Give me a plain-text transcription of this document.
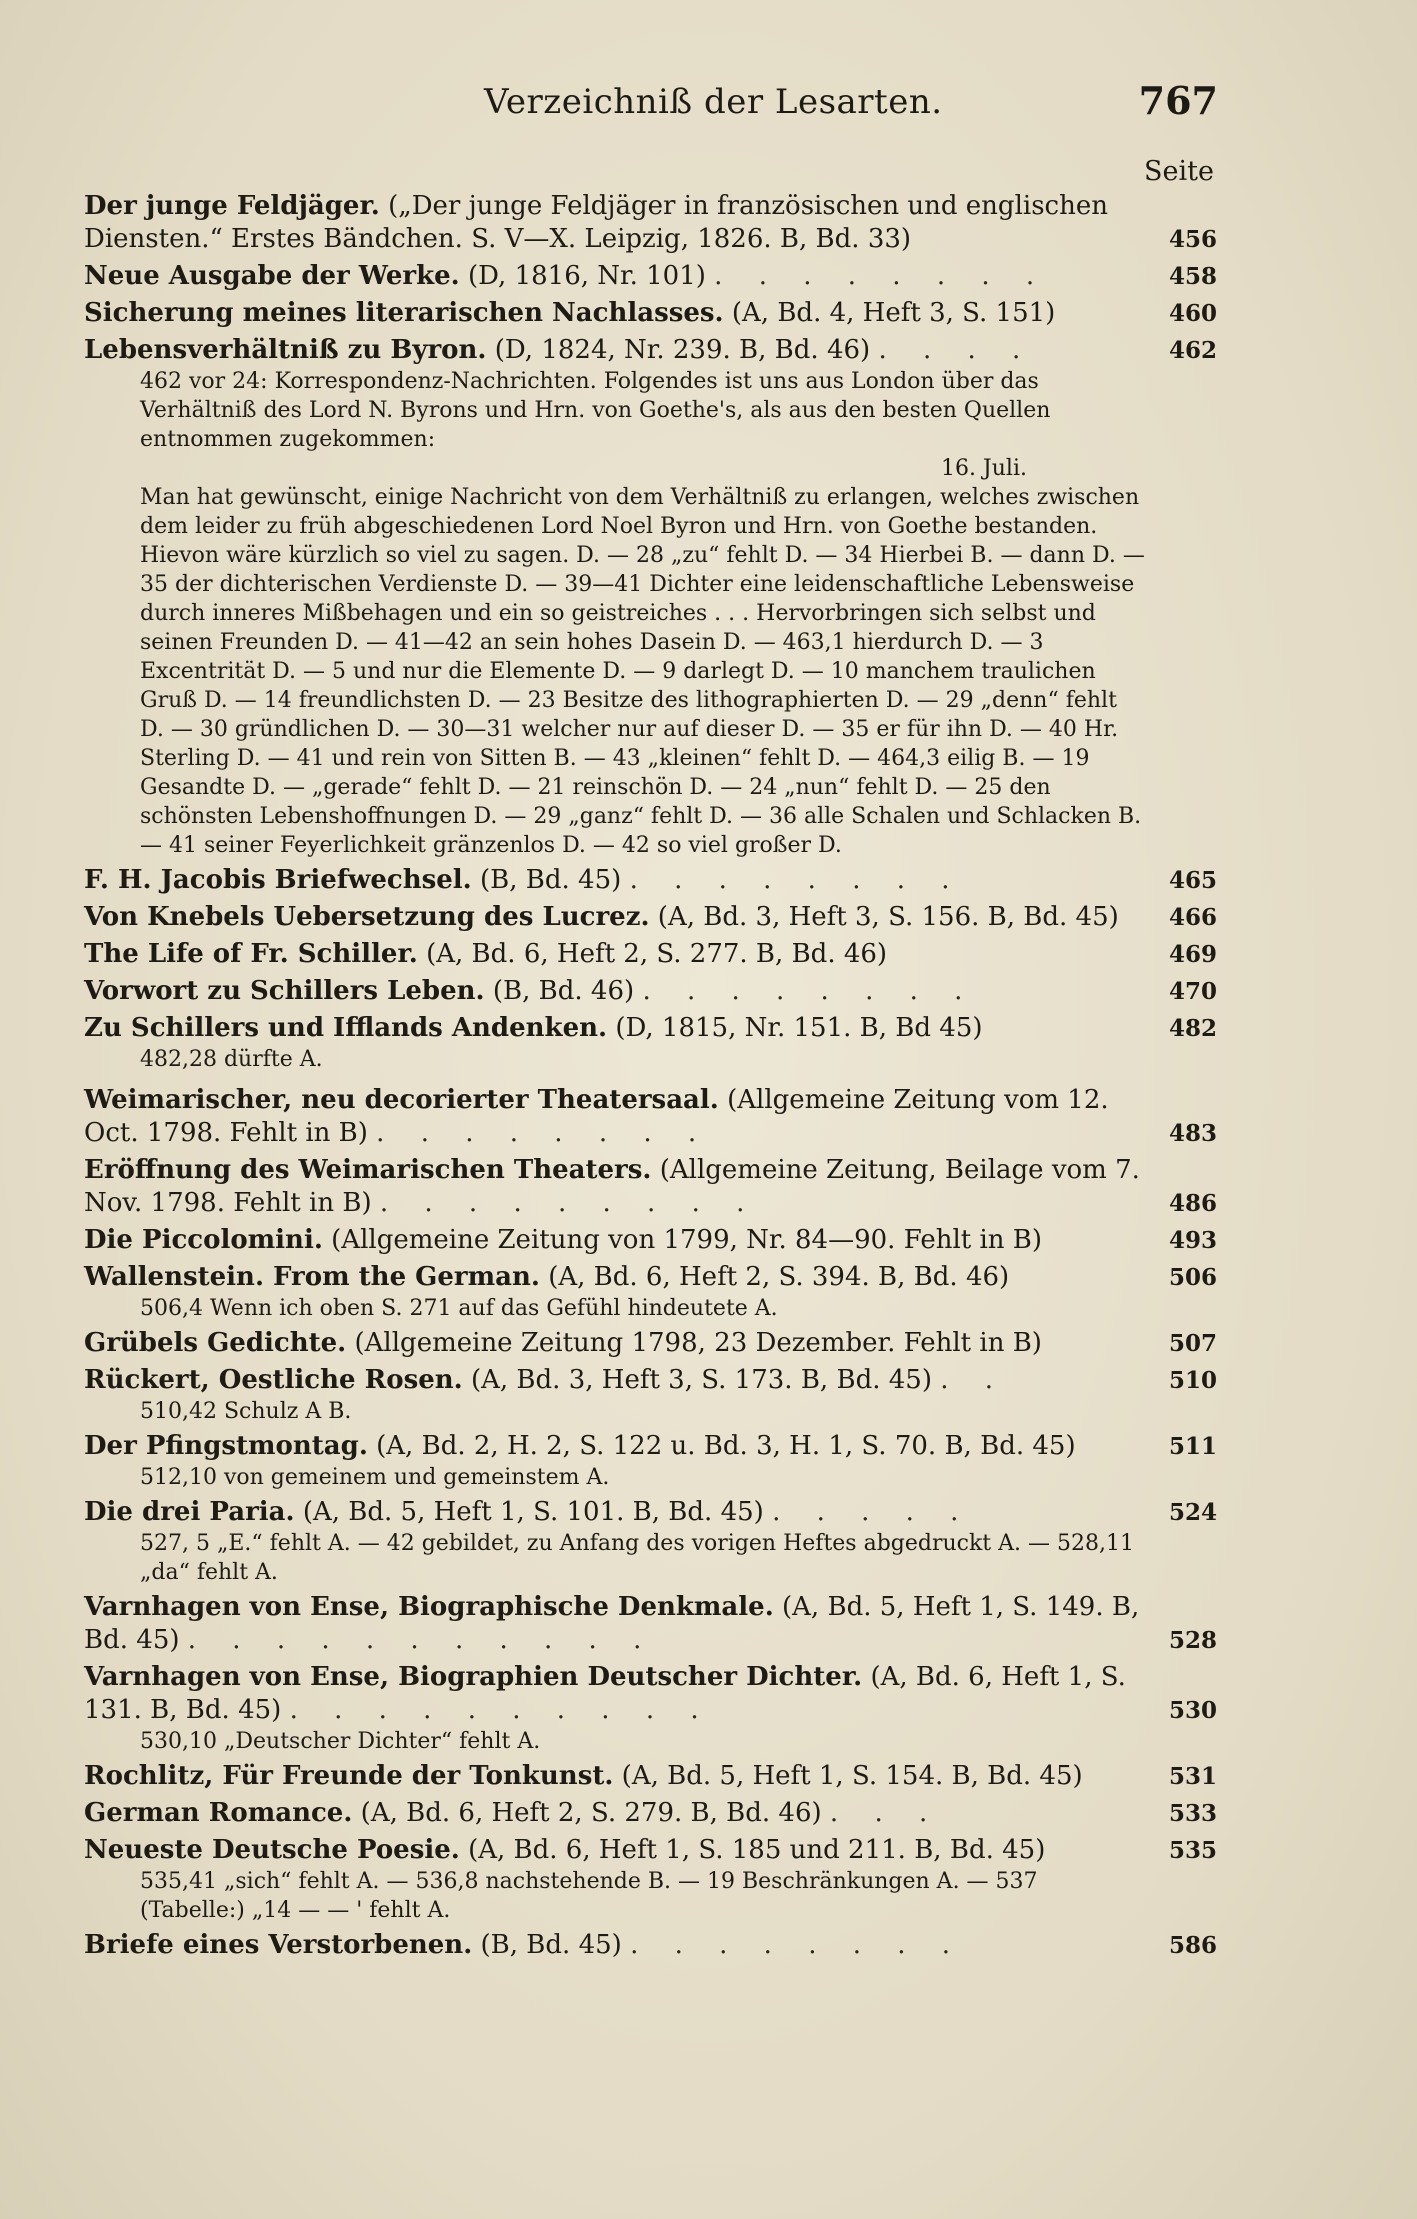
Verzeichniß der Lesarten.	767
Seite
Der junge Feldjäger. („Der junge Feldjäger in französischen und englischen Diensten.“ Erstes Bändchen. S. V—X. Leipzig, 1826. B, Bd. 33)	456
Neue Ausgabe der Werke. (D, 1816, Nr. 101) . . . . . . . .	458
Sicherung meines literarischen Nachlasses. (A, Bd. 4, Heft 3, S. 151)	460
Lebensverhältniß zu Byron. (D, 1824, Nr. 239. B, Bd. 46) . . . .	462
462 vor 24: Korrespondenz-Nachrichten. Folgendes ist uns aus London über das Verhältniß des Lord N. Byrons und Hrn. von Goethe's, als aus den besten Quellen entnommen zugekommen:
16. Juli.
Man hat gewünscht, einige Nachricht von dem Verhältniß zu erlangen, welches zwischen dem leider zu früh abgeschiedenen Lord Noel Byron und Hrn. von Goethe bestanden. Hievon wäre kürzlich so viel zu sagen. D. — 28 „zu“ fehlt D. — 34 Hierbei B. — dann D. — 35 der dichterischen Verdienste D. — 39—41 Dichter eine leidenschaftliche Lebensweise durch inneres Mißbehagen und ein so geistreiches . . . Hervorbringen sich selbst und seinen Freunden D. — 41—42 an sein hohes Dasein D. — 463,1 hierdurch D. — 3 Excentrität D. — 5 und nur die Elemente D. — 9 darlegt D. — 10 manchem traulichen Gruß D. — 14 freundlichsten D. — 23 Besitze des lithographierten D. — 29 „denn“ fehlt D. — 30 gründlichen D. — 30—31 welcher nur auf dieser D. — 35 er für ihn D. — 40 Hr. Sterling D. — 41 und rein von Sitten B. — 43 „kleinen“ fehlt D. — 464,3 eilig B. — 19 Gesandte D. — „gerade“ fehlt D. — 21 reinschön D. — 24 „nun“ fehlt D. — 25 den schönsten Lebenshoffnungen D. — 29 „ganz“ fehlt D. — 36 alle Schalen und Schlacken B. — 41 seiner Feyerlichkeit gränzenlos D. — 42 so viel großer D.
F. H. Jacobis Briefwechsel. (B, Bd. 45) . . . . . . . .	465
Von Knebels Uebersetzung des Lucrez. (A, Bd. 3, Heft 3, S. 156. B, Bd. 45)	466
The Life of Fr. Schiller. (A, Bd. 6, Heft 2, S. 277. B, Bd. 46)	469
Vorwort zu Schillers Leben. (B, Bd. 46) . . . . . . . .	470
Zu Schillers und Ifflands Andenken. (D, 1815, Nr. 151. B, Bd 45)	482
482,28 dürfte A.
Weimarischer, neu decorierter Theatersaal. (Allgemeine Zeitung vom 12. Oct. 1798. Fehlt in B) . . . . . . . .	483
Eröffnung des Weimarischen Theaters. (Allgemeine Zeitung, Beilage vom 7. Nov. 1798. Fehlt in B) . . . . . . . . .	486
Die Piccolomini. (Allgemeine Zeitung von 1799, Nr. 84—90. Fehlt in B)	493
Wallenstein. From the German. (A, Bd. 6, Heft 2, S. 394. B, Bd. 46)	506
506,4 Wenn ich oben S. 271 auf das Gefühl hindeutete A.
Grübels Gedichte. (Allgemeine Zeitung 1798, 23 Dezember. Fehlt in B)	507
Rückert, Oestliche Rosen. (A, Bd. 3, Heft 3, S. 173. B, Bd. 45) . .	510
510,42 Schulz A B.
Der Pfingstmontag. (A, Bd. 2, H. 2, S. 122 u. Bd. 3, H. 1, S. 70. B, Bd. 45)	511
512,10 von gemeinem und gemeinstem A.
Die drei Paria. (A, Bd. 5, Heft 1, S. 101. B, Bd. 45) . . . . .	524
527, 5 „E.“ fehlt A. — 42 gebildet, zu Anfang des vorigen Heftes abgedruckt A. — 528,11 „da“ fehlt A.
Varnhagen von Ense, Biographische Denkmale. (A, Bd. 5, Heft 1, S. 149. B, Bd. 45) . . . . . . . . . . .	528
Varnhagen von Ense, Biographien Deutscher Dichter. (A, Bd. 6, Heft 1, S. 131. B, Bd. 45) . . . . . . . . . .	530
530,10 „Deutscher Dichter“ fehlt A.
Rochlitz, Für Freunde der Tonkunst. (A, Bd. 5, Heft 1, S. 154. B, Bd. 45)	531
German Romance. (A, Bd. 6, Heft 2, S. 279. B, Bd. 46) . . .	533
Neueste Deutsche Poesie. (A, Bd. 6, Heft 1, S. 185 und 211. B, Bd. 45)	535
535,41 „sich“ fehlt A. — 536,8 nachstehende B. — 19 Beschränkungen A. — 537 (Tabelle:) „14 — — ' fehlt A.
Briefe eines Verstorbenen. (B, Bd. 45) . . . . . . . .	586
